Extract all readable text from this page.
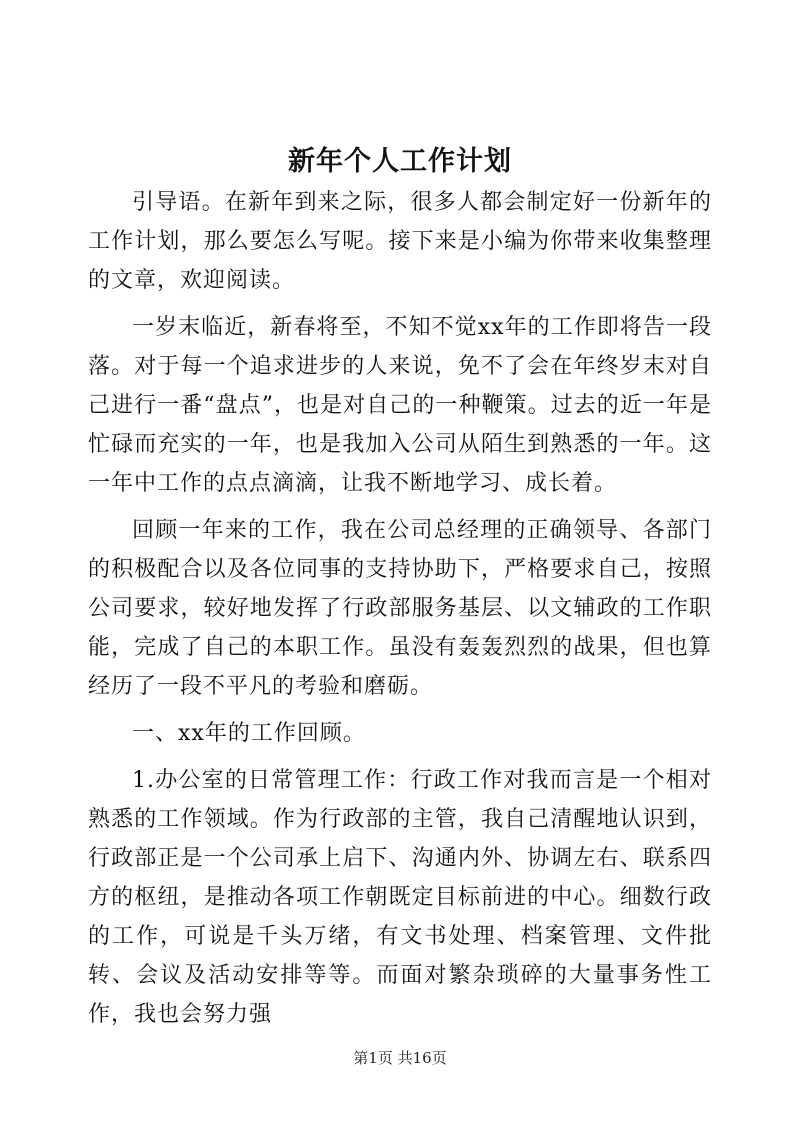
新年个人工作计划

引导语。在新年到来之际，很多人都会制定好一份新年的工作计划，那么要怎么写呢。接下来是小编为你带来收集整理的文章，欢迎阅读。

一岁末临近，新春将至，不知不觉xx年的工作即将告一段落。对于每一个追求进步的人来说，免不了会在年终岁末对自己进行一番“盘点”，也是对自己的一种鞭策。过去的近一年是忙碌而充实的一年，也是我加入公司从陌生到熟悉的一年。这一年中工作的点点滴滴，让我不断地学习、成长着。

回顾一年来的工作，我在公司总经理的正确领导、各部门的积极配合以及各位同事的支持协助下，严格要求自己，按照公司要求，较好地发挥了行政部服务基层、以文辅政的工作职能，完成了自己的本职工作。虽没有轰轰烈烈的战果，但也算经历了一段不平凡的考验和磨砺。

一、xx年的工作回顾。

1.办公室的日常管理工作：行政工作对我而言是一个相对熟悉的工作领域。作为行政部的主管，我自己清醒地认识到，行政部正是一个公司承上启下、沟通内外、协调左右、联系四方的枢纽，是推动各项工作朝既定目标前进的中心。细数行政的工作，可说是千头万绪，有文书处理、档案管理、文件批转、会议及活动安排等等。而面对繁杂琐碎的大量事务性工作，我也会努力强

第1页 共16页
